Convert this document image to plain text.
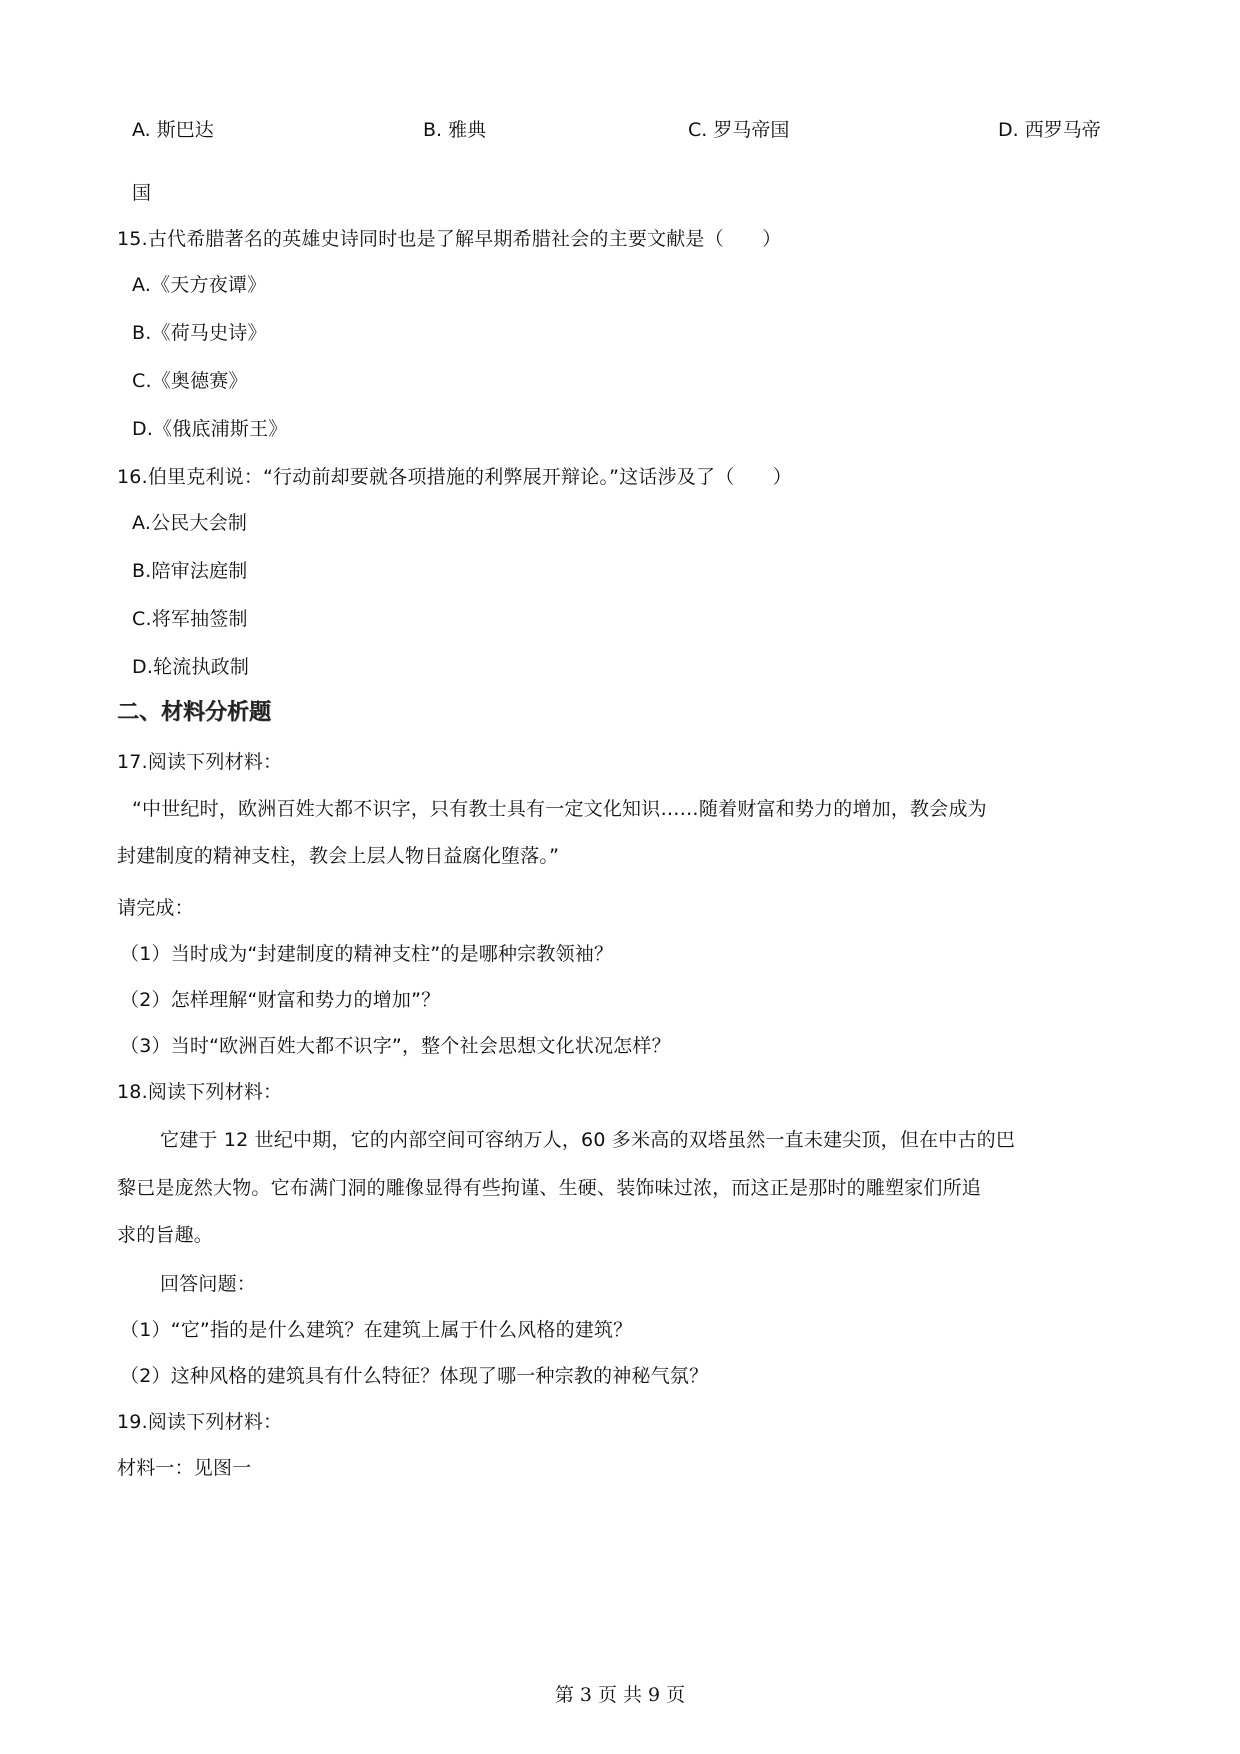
A. 斯巴达	B. 雅典	C. 罗马帝国	D. 西罗马帝
国
15.古代希腊著名的英雄史诗同时也是了解早期希腊社会的主要文献是（　　）
A.《天方夜谭》
B.《荷马史诗》
C.《奥德赛》
D.《俄底浦斯王》
16.伯里克利说：“行动前却要就各项措施的利弊展开辩论。”这话涉及了（　　）
A.公民大会制
B.陪审法庭制
C.将军抽签制
D.轮流执政制
二、材料分析题
17.阅读下列材料：
“中世纪时，欧洲百姓大都不识字，只有教士具有一定文化知识……随着财富和势力的增加，教会成为
封建制度的精神支柱，教会上层人物日益腐化堕落。”
请完成：
（1）当时成为“封建制度的精神支柱”的是哪种宗教领袖？
（2）怎样理解“财富和势力的增加”？
（3）当时“欧洲百姓大都不识字”，整个社会思想文化状况怎样？
18.阅读下列材料：
它建于 12 世纪中期，它的内部空间可容纳万人，60 多米高的双塔虽然一直未建尖顶，但在中古的巴
黎已是庞然大物。它布满门洞的雕像显得有些拘谨、生硬、装饰味过浓，而这正是那时的雕塑家们所追
求的旨趣。
回答问题：
（1）“它”指的是什么建筑？在建筑上属于什么风格的建筑？
（2）这种风格的建筑具有什么特征？体现了哪一种宗教的神秘气氛？
19.阅读下列材料：
材料一：见图一
第 3 页 共 9 页
